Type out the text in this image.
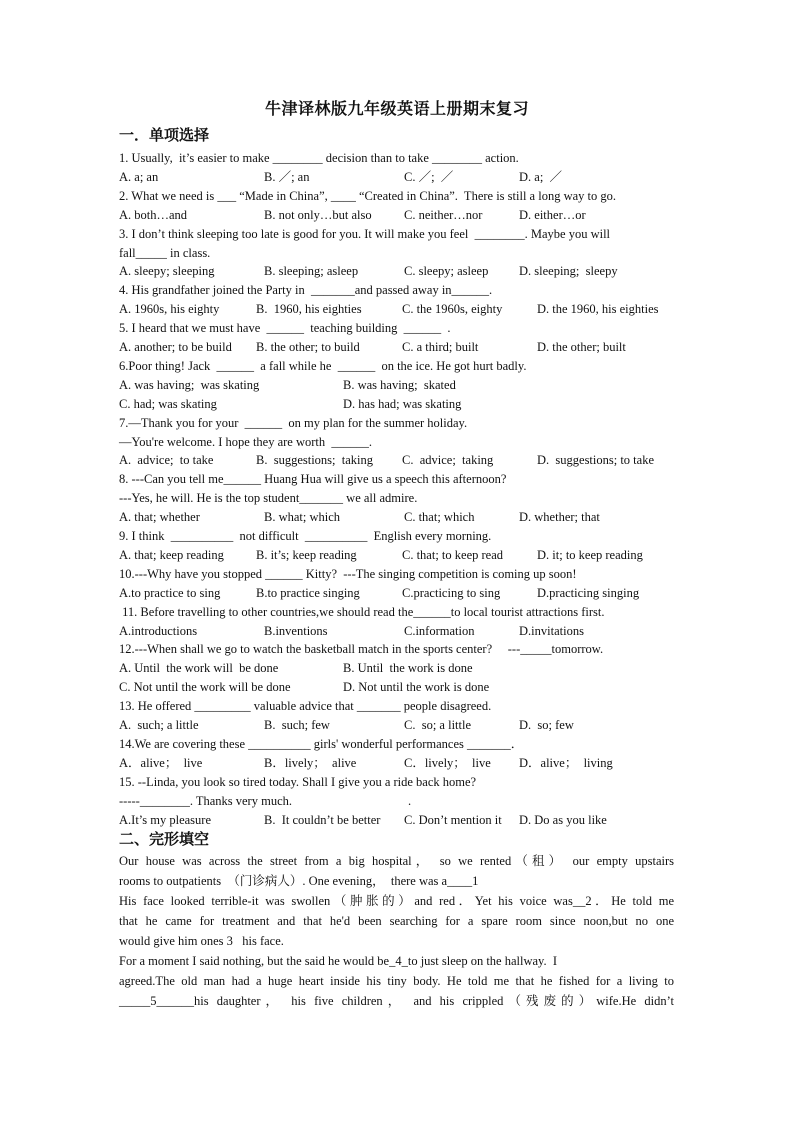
牛津译林版九年级英语上册期末复习
一．单项选择
1. Usually,  it’s easier to make ________ decision than to take ________ action.
A. a; an	B. ／; an	C. ／;  ／	D. a;  ／
2. What we need is ___ “Made in China”, ____ “Created in China”.  There is still a long way to go.
A. both…and	B. not only…but also	C. neither…nor	D. either…or
3. I don’t think sleeping too late is good for you. It will make you feel  ________. Maybe you will
fall_____ in class.
A. sleepy; sleeping	B. sleeping; asleep	C. sleepy; asleep D. sleeping;  sleepy
4. His grandfather joined the Party in  _______and passed away in______.
A. 1960s, his eighty	B.  1960, his eighties	C. the 1960s, eighty	D. the 1960, his eighties
5. I heard that we must have  ______  teaching building  ______  .
A. another; to be build B. the other; to build	C. a third; built	D. the other; built
6.Poor thing! Jack  ______  a fall while he  ______  on the ice. He got hurt badly.
A. was having;  was skating	B. was having;  skated
C. had; was skating	D. has had; was skating
7.—Thank you for your  ______  on my plan for the summer holiday.
—You're welcome. I hope they are worth  ______.
A.  advice;  to take	B.  suggestions;  taking C.  advice;  taking	D.  suggestions; to take
8. ---Can you tell me______ Huang Hua will give us a speech this afternoon?
---Yes, he will. He is the top student_______ we all admire.
A. that; whether	B. what; which	C. that; which	D. whether; that
9. I think  __________  not difficult  __________  English every morning.
A. that; keep reading	B. it’s; keep reading	C. that; to keep read	D. it; to keep reading
10.---Why have you stopped ______ Kitty?  ---The singing competition is coming up soon!
A.to practice to sing	B.to practice singing	C.practicing to sing	D.practicing singing
11. Before travelling to other countries,we should read the______to local tourist attractions first.
A.introductions	B.inventions	C.information	D.invitations
12.---When shall we go to watch the basketball match in the sports center?     ---_____tomorrow.
A. Until  the work will  be done	B. Until  the work is done
C. Not until the work will be done	D. Not until the work is done
13. He offered _________ valuable advice that _______ people disagreed.
A.  such; a little	B.  such; few	C.  so; a little	D.  so; few
14.We are covering these __________ girls' wonderful performances _______．
A．alive；  live	B．lively；  alive	C．lively；  live D．alive；  living
15. --Linda, you look so tired today. Shall I give you a ride back home?
-----________. Thanks very much.
A.It’s my pleasure	B.  It couldn’t be better C. Don’t mention it D. Do as you like
.
二、完形填空
Our house was across the street from a big hospital， so we rented（租） our empty upstairs
rooms to outpatients  （门诊病人）. One evening，  there was a____1
His face looked terrible-it was swollen（肿胀的）and red．Yet his voice was__2．He told me
that he came for treatment and that he'd been searching for a spare room since noon,but no one
would give him ones 3   his face.
For a moment I said nothing, but the said he would be_4_to just sleep on the hallway.  I
agreed.The old man had a huge heart inside his tiny body. He told me that he fished for a living to
_____5______his daughter， his five children， and his crippled（残废的）wife.He didn’t
